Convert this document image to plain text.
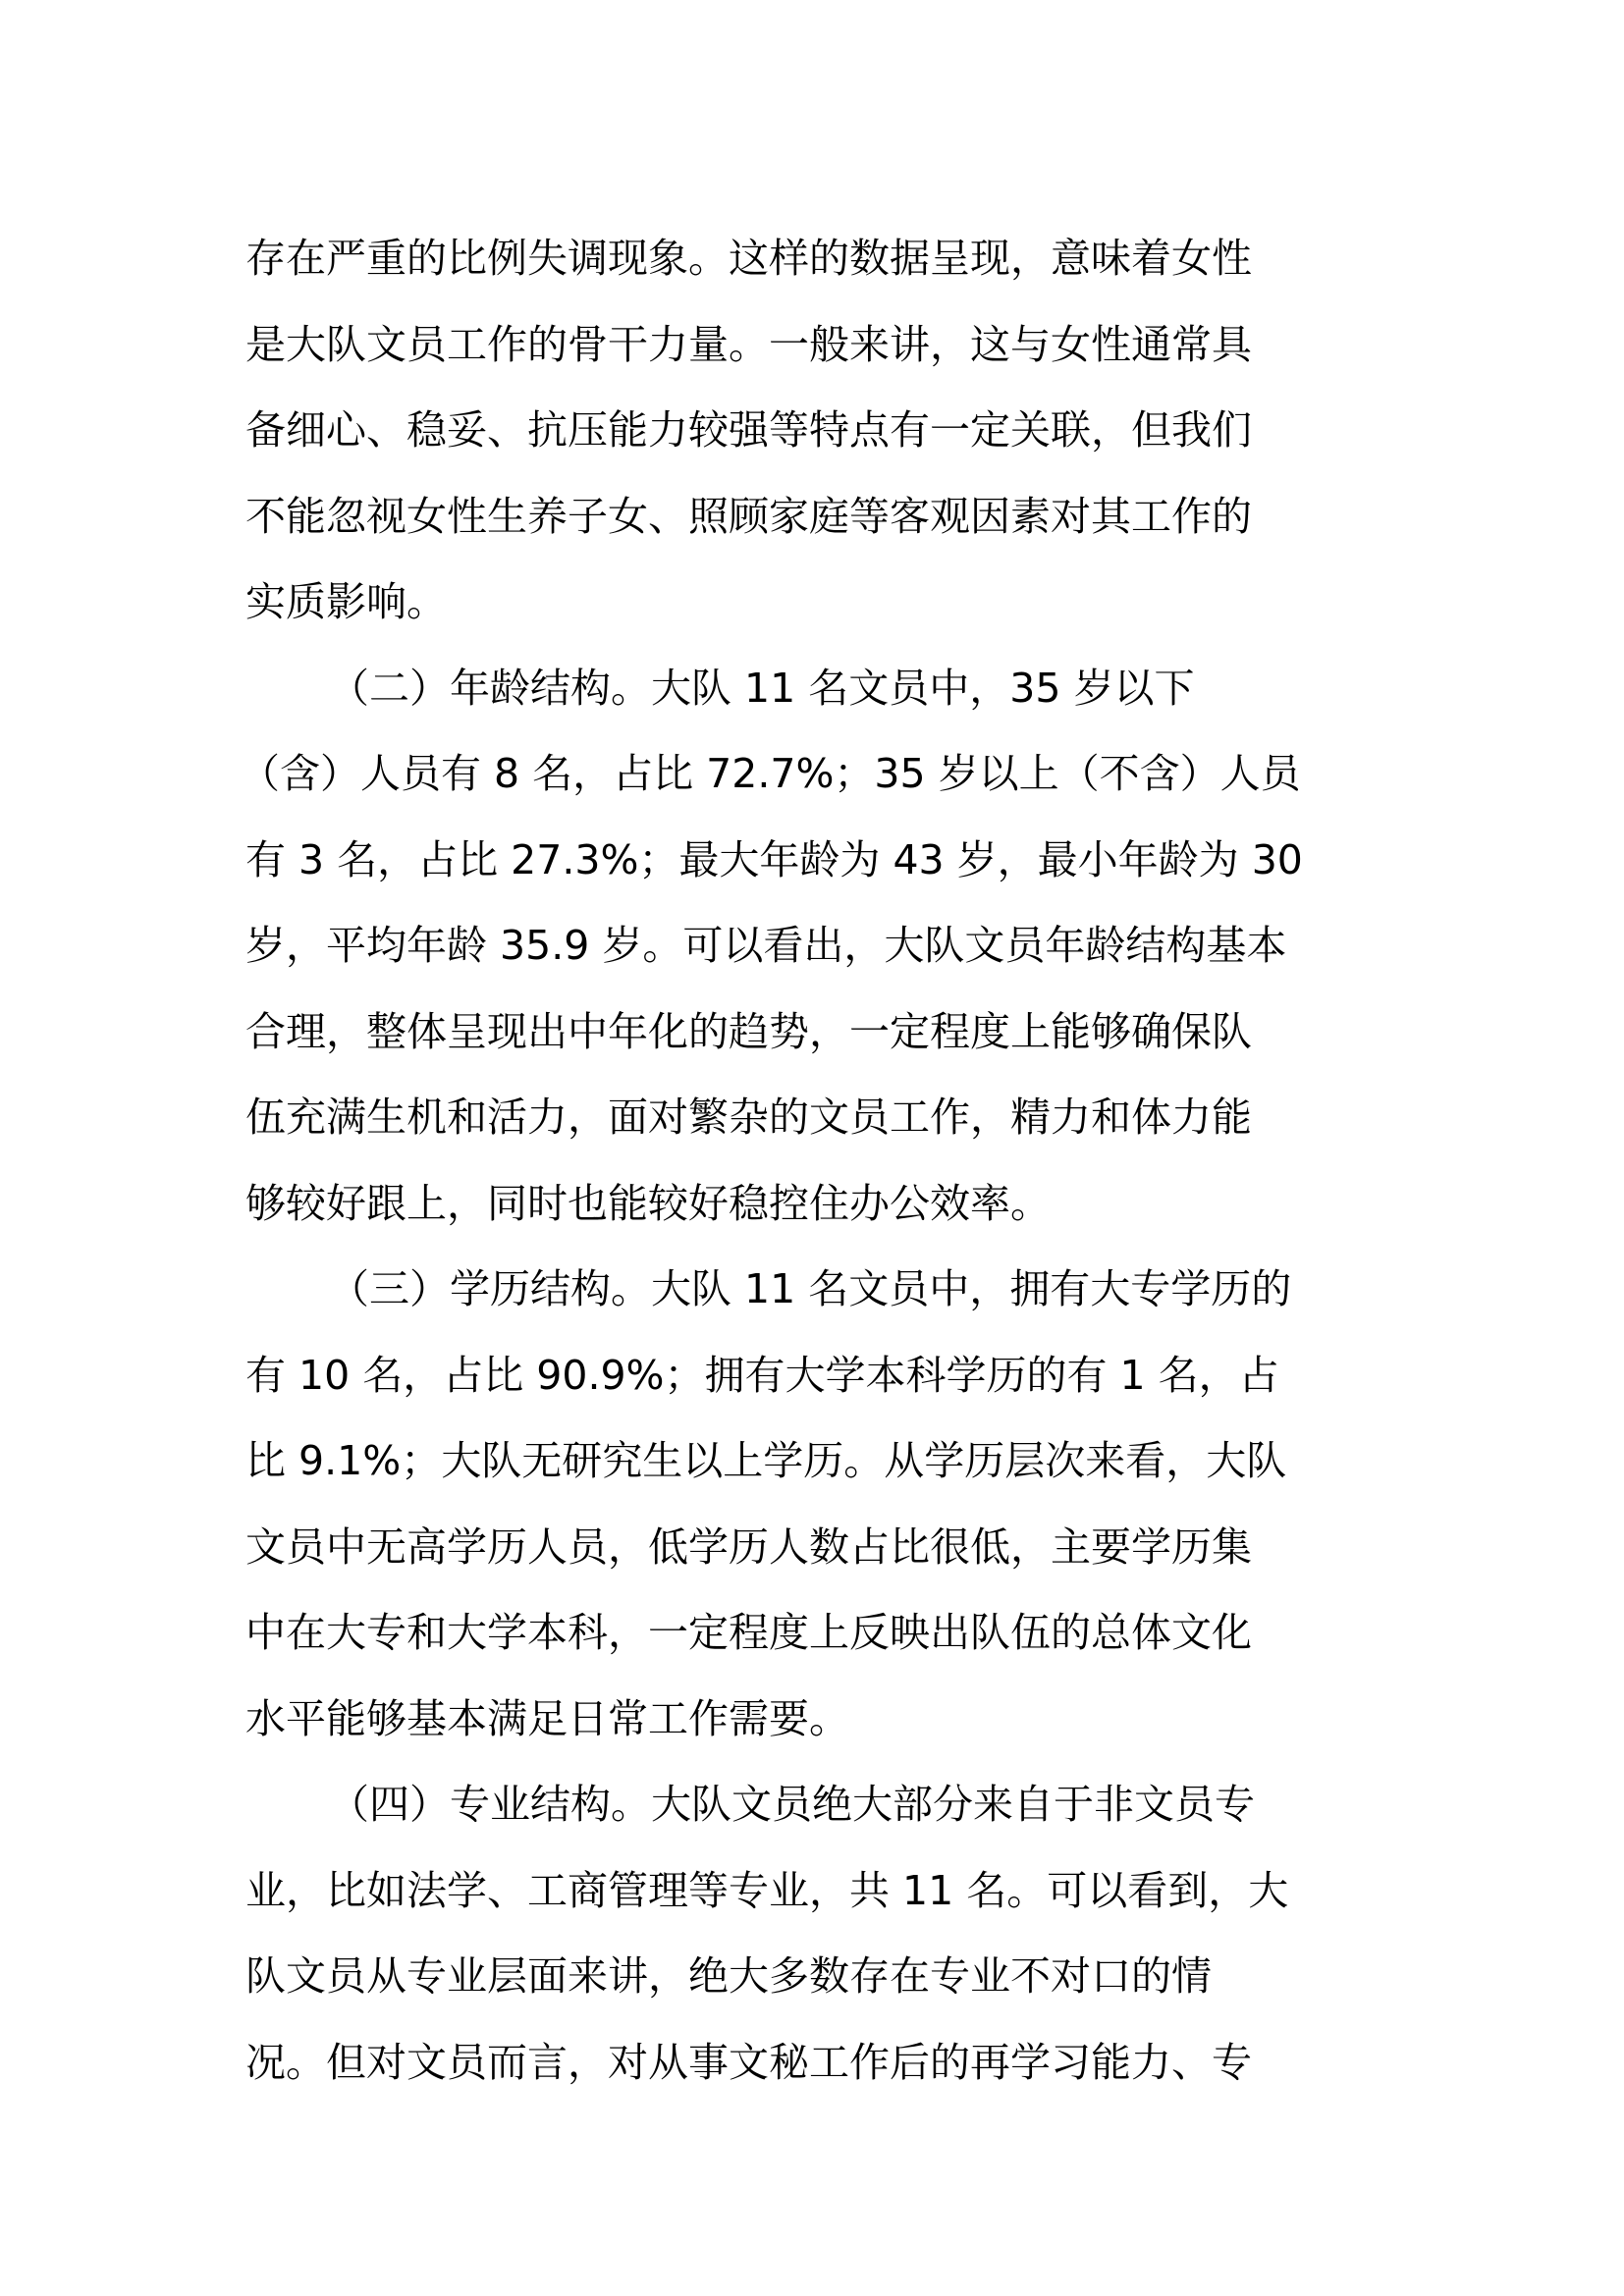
存在严重的比例失调现象。这样的数据呈现，意味着女性
是大队文员工作的骨干力量。一般来讲，这与女性通常具
备细心、稳妥、抗压能力较强等特点有一定关联，但我们
不能忽视女性生养子女、照顾家庭等客观因素对其工作的
实质影响。
（二）年龄结构。大队 11 名文员中，35 岁以下
（含）人员有 8 名，占比 72.7%；35 岁以上（不含）人员
有 3 名，占比 27.3%；最大年龄为 43 岁，最小年龄为 30
岁，平均年龄 35.9 岁。可以看出，大队文员年龄结构基本
合理，整体呈现出中年化的趋势，一定程度上能够确保队
伍充满生机和活力，面对繁杂的文员工作，精力和体力能
够较好跟上，同时也能较好稳控住办公效率。
（三）学历结构。大队 11 名文员中，拥有大专学历的
有 10 名，占比 90.9%；拥有大学本科学历的有 1 名，占
比 9.1%；大队无研究生以上学历。从学历层次来看，大队
文员中无高学历人员，低学历人数占比很低，主要学历集
中在大专和大学本科，一定程度上反映出队伍的总体文化
水平能够基本满足日常工作需要。
（四）专业结构。大队文员绝大部分来自于非文员专
业，比如法学、工商管理等专业，共 11 名。可以看到，大
队文员从专业层面来讲，绝大多数存在专业不对口的情
况。但对文员而言，对从事文秘工作后的再学习能力、专
